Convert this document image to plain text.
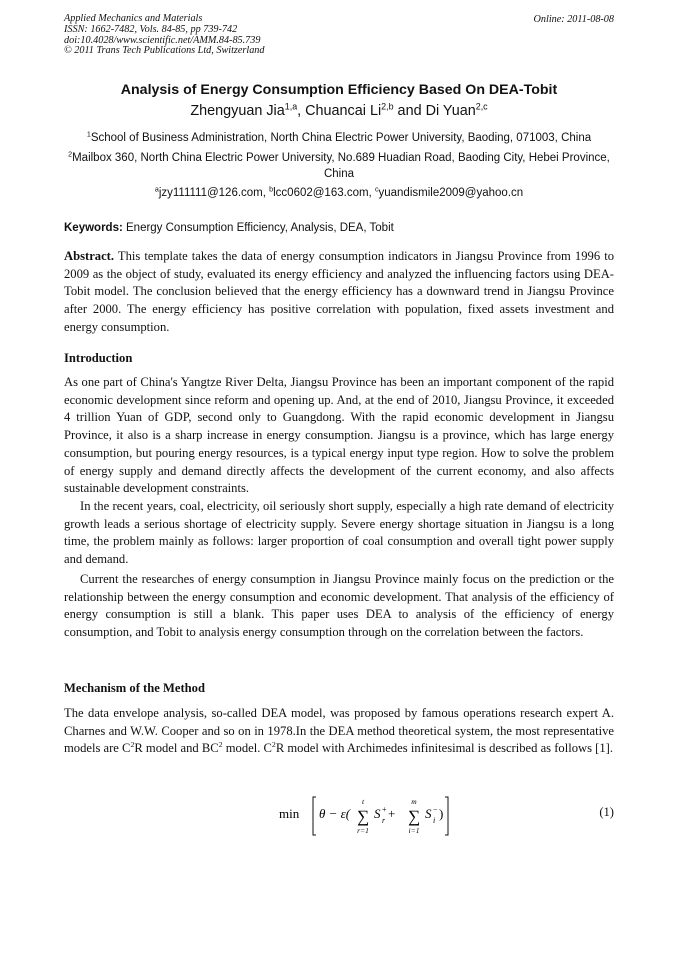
Applied Mechanics and Materials
ISSN: 1662-7482, Vols. 84-85, pp 739-742
doi:10.4028/www.scientific.net/AMM.84-85.739
© 2011 Trans Tech Publications Ltd, Switzerland
Online: 2011-08-08
Analysis of Energy Consumption Efficiency Based On DEA-Tobit
Zhengyuan Jia$^{1,a}$, Chuancai Li$^{2,b}$ and Di Yuan$^{2,c}$
$^1$School of Business Administration, North China Electric Power University, Baoding, 071003, China
$^2$Mailbox 360, North China Electric Power University, No.689 Huadian Road, Baoding City, Hebei Province, China
$^a$jzy111111@126.com, $^b$lcc0602@163.com, $^c$yuandismile2009@yahoo.cn
Keywords: Energy Consumption Efficiency, Analysis, DEA, Tobit
Abstract. This template takes the data of energy consumption indicators in Jiangsu Province from 1996 to 2009 as the object of study, evaluated its energy efficiency and analyzed the influencing factors using DEA-Tobit model. The conclusion believed that the energy efficiency has a downward trend in Jiangsu Province after 2000. The energy efficiency has positive correlation with population, fixed assets investment and energy consumption.
Introduction
As one part of China's Yangtze River Delta, Jiangsu Province has been an important component of the rapid economic development since reform and opening up. And, at the end of 2010, Jiangsu Province, it exceeded 4 trillion Yuan of GDP, second only to Guangdong. With the rapid economic development in Jiangsu Province, it also is a sharp increase in energy consumption. Jiangsu is a province, which has large energy consumption, but pouring energy resources, is a typical energy input type region. How to solve the problem of energy supply and demand directly affects the development of the current economy, and also affects sustainable development constraints.
In the recent years, coal, electricity, oil seriously short supply, especially a high rate demand of electricity growth leads a serious shortage of electricity supply. Severe energy shortage situation in Jiangsu is a long time, the problem mainly as follows: larger proportion of coal consumption and overall tight power supply and demand.
Current the researches of energy consumption in Jiangsu Province mainly focus on the prediction or the relationship between the energy consumption and economic development. That analysis of the efficiency of energy consumption is still a blank. This paper uses DEA to analysis of the efficiency of energy consumption, and Tobit to analysis energy consumption through on the correlation between the factors.
Mechanism of the Method
The data envelope analysis, so-called DEA model, was proposed by famous operations research expert A. Charnes and W.W. Cooper and so on in 1978.In the DEA method theoretical system, the most representative models are $C^2R$ model and $BC^2$ model. $C^2R$ model with Archimedes infinitesimal is described as follows [1].
min θ − ε(
t
∑
r=1
S +
r +
m
∑
i=1
S −
i )	(1)
